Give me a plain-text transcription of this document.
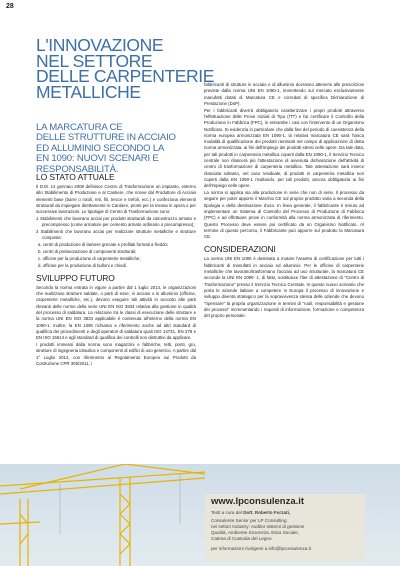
28
L'INNOVAZIONE
NEL SETTORE
DELLE CARPENTERIE
METALLICHE
LA MARCATURA CE
DELLE STRUTTURE IN ACCIAIO
ED ALLUMINIO SECONDO LA
EN 1090: NUOVI SCENARI E
RESPONSABILITÀ.
LO STATO ATTUALE

Il D.M. 14 gennaio 2008 definisce Centro di Trasformazione un impianto, esterno allo Stabilimento di Produzione e al Cantiere, che riceve dal Produttore di Acciaio elementi base (barre o rotoli, reti, fili, trecce e trefoli, ecc.) e confeziona elementi strutturali da impiegare direttamente in Cantiere, pronti per la messa in opera o per successive lavorazioni. Le tipologie di Centro di Trasformazione sono:

1 Stabilimenti che lavorano acciai per prodotti strutturali da calcestruzzo armato e precompresso (come armature per cemento armato ordinario o precompresso);

2 Stabilimenti che lavorano acciai per realizzare strutture metalliche e strutture composte:

a. centri di produzione di lamiere grecate e profilati formati a freddo;

b. centri di prelavorazione di componenti strutturali;

c. officine per la produzione di carpenterie metalliche;

d. officine per la produzione di bulloni e chiodi.

SVILUPPO FUTURO

Secondo la norma entrata in vigore a partire dal 1 luglio 2014, le organizzazioni che realizzano strutture saldate, o parti di esse, in acciaio o in alluminio (officine, carpenterie metalliche, etc.), devono eseguire tali attività in accordo alle parti rilevanti delle norme della serie UNI EN ISO 3834 relativa alla gestione in qualità del processo di saldatura. La relazione tra le classi di esecuzione delle strutture e la norma UNI EN ISO 3834 applicabile è contenuta all'interno della norma EN 1090-1. Inoltre, la EN 1090 richiama a riferimento anche ad altri standard di qualifica dei procedimenti e degli operatori di saldatura quali ISO 14731, EN 278 e EN ISO 15614 e agli standard di qualifica dei controlli non distruttivi da applicare.

I prodotti immessi dalla norma sono magazzini e fabbriche, tetti, ponti, gru, strutture di ingegneria idraulica e componenti di edifici di uso generico. A partire dal 1° Luglio 2014, con riferimento al Regolamento Europeo sui Prodotti da Costruzione CPR 305/2011, i

fabbricanti di strutture in acciaio e di alluminio dovranno attenersi alle prescrizioni previste dalla norma UNI EN 1090-1, immettendo sul mercato esclusivamente manufatti dotati di Marcatura CE e corredati di specifica Dichiarazione di Prestazione (DoP).

Per i fabbricanti diverrà obbligatorio caratterizzare i propri prodotti attraverso l'effettuazione delle Prove Iniziali di Tipo (ITT) e far certificare il Controllo della Produzione in Fabbrica (FPC), in entrambe i casi con l'intervento di un Organismo Notificato. Si evidenzia in particolare che dalla fine del periodo di coesistenza della norma europea armonizzata EN 1090-1, la relativa marcatura CE sarà l'unica modalità di qualificazione dei prodotti rientranti nel campo di applicazione di detta norma armonizzata, ai fini dell'impiego dei prodotti stessi nelle opere. Da tale data, per tali prodotti in carpenteria metallica coperti dalla EN 1090-1, il Servizio Tecnico centrale non rilascerà più l'attestazione di avvenuta dichiarazione dell'attività di centro di trasformazione di carpenteria metallica. Tale attestazione sarà invece rilasciata soltanto, nel caso residuale, di prodotti in carpenteria metallica non coperti dalla EN 1090-1 risultando, per tali prodotti, ancora obbligatoria ai fini dell'impiego nelle opere.

La norma si applica sia alla produzione in serie che non di serie. Il processo da seguire per poter apporre il Marchio CE sul proprio prodotto varia a seconda della tipologia e della destinazione d'uso. In linea generale, il fabbricante è tenuto ad implementare un Sistema di Controllo del Processo di Produzione di Fabbrica (FPC) e ad effettuare prove in conformità alla norma armonizzata di riferimento. Questo Processo deve essere poi certificato da un Organismo Notificato. Al termine di questo percorso, il Fabbricante può apporre sul prodotto la Marcatura CE.

CONSIDERAZIONI

La norma UNI EN 1090 è destinata a mutare l'assetto di certificazione per tutti i fabbricanti di manufatti in acciaio ed alluminio. Per le officine di carpenterie metalliche che lavorano/trasformano l'acciaio ad uso strutturale, la marcatura CE secondo la UNI EN 1090- 1, di fatto, sostituisce l'iter di attestazione di "Centro di Trasformazione" presso il Servizio Tecnico Centrale. In questo nuovo scenario che porta le aziende italiane a competere in Europa il processo di innovazione e sviluppo diventa strategico per la sopravvivenza stessa delle aziende che devono "ripensare" la propria organizzazione in termini di "ruoli, responsabilità e gestione dei processi" incrementando i requisiti di informazione, formazione e competenza del proprio personale.

www.lpconsulenza.it
Testi a cura del Dott. Roberto Forzati,
Consulente Senior per LP Consulting
nei settori Industry: Auditor sistemi di gestione
Qualità, Ambiente Sicurezza, Etica Sociale,
Catena di Custodia del Legno
per informazioni rivolgersi a info@lpconsulenza.it
